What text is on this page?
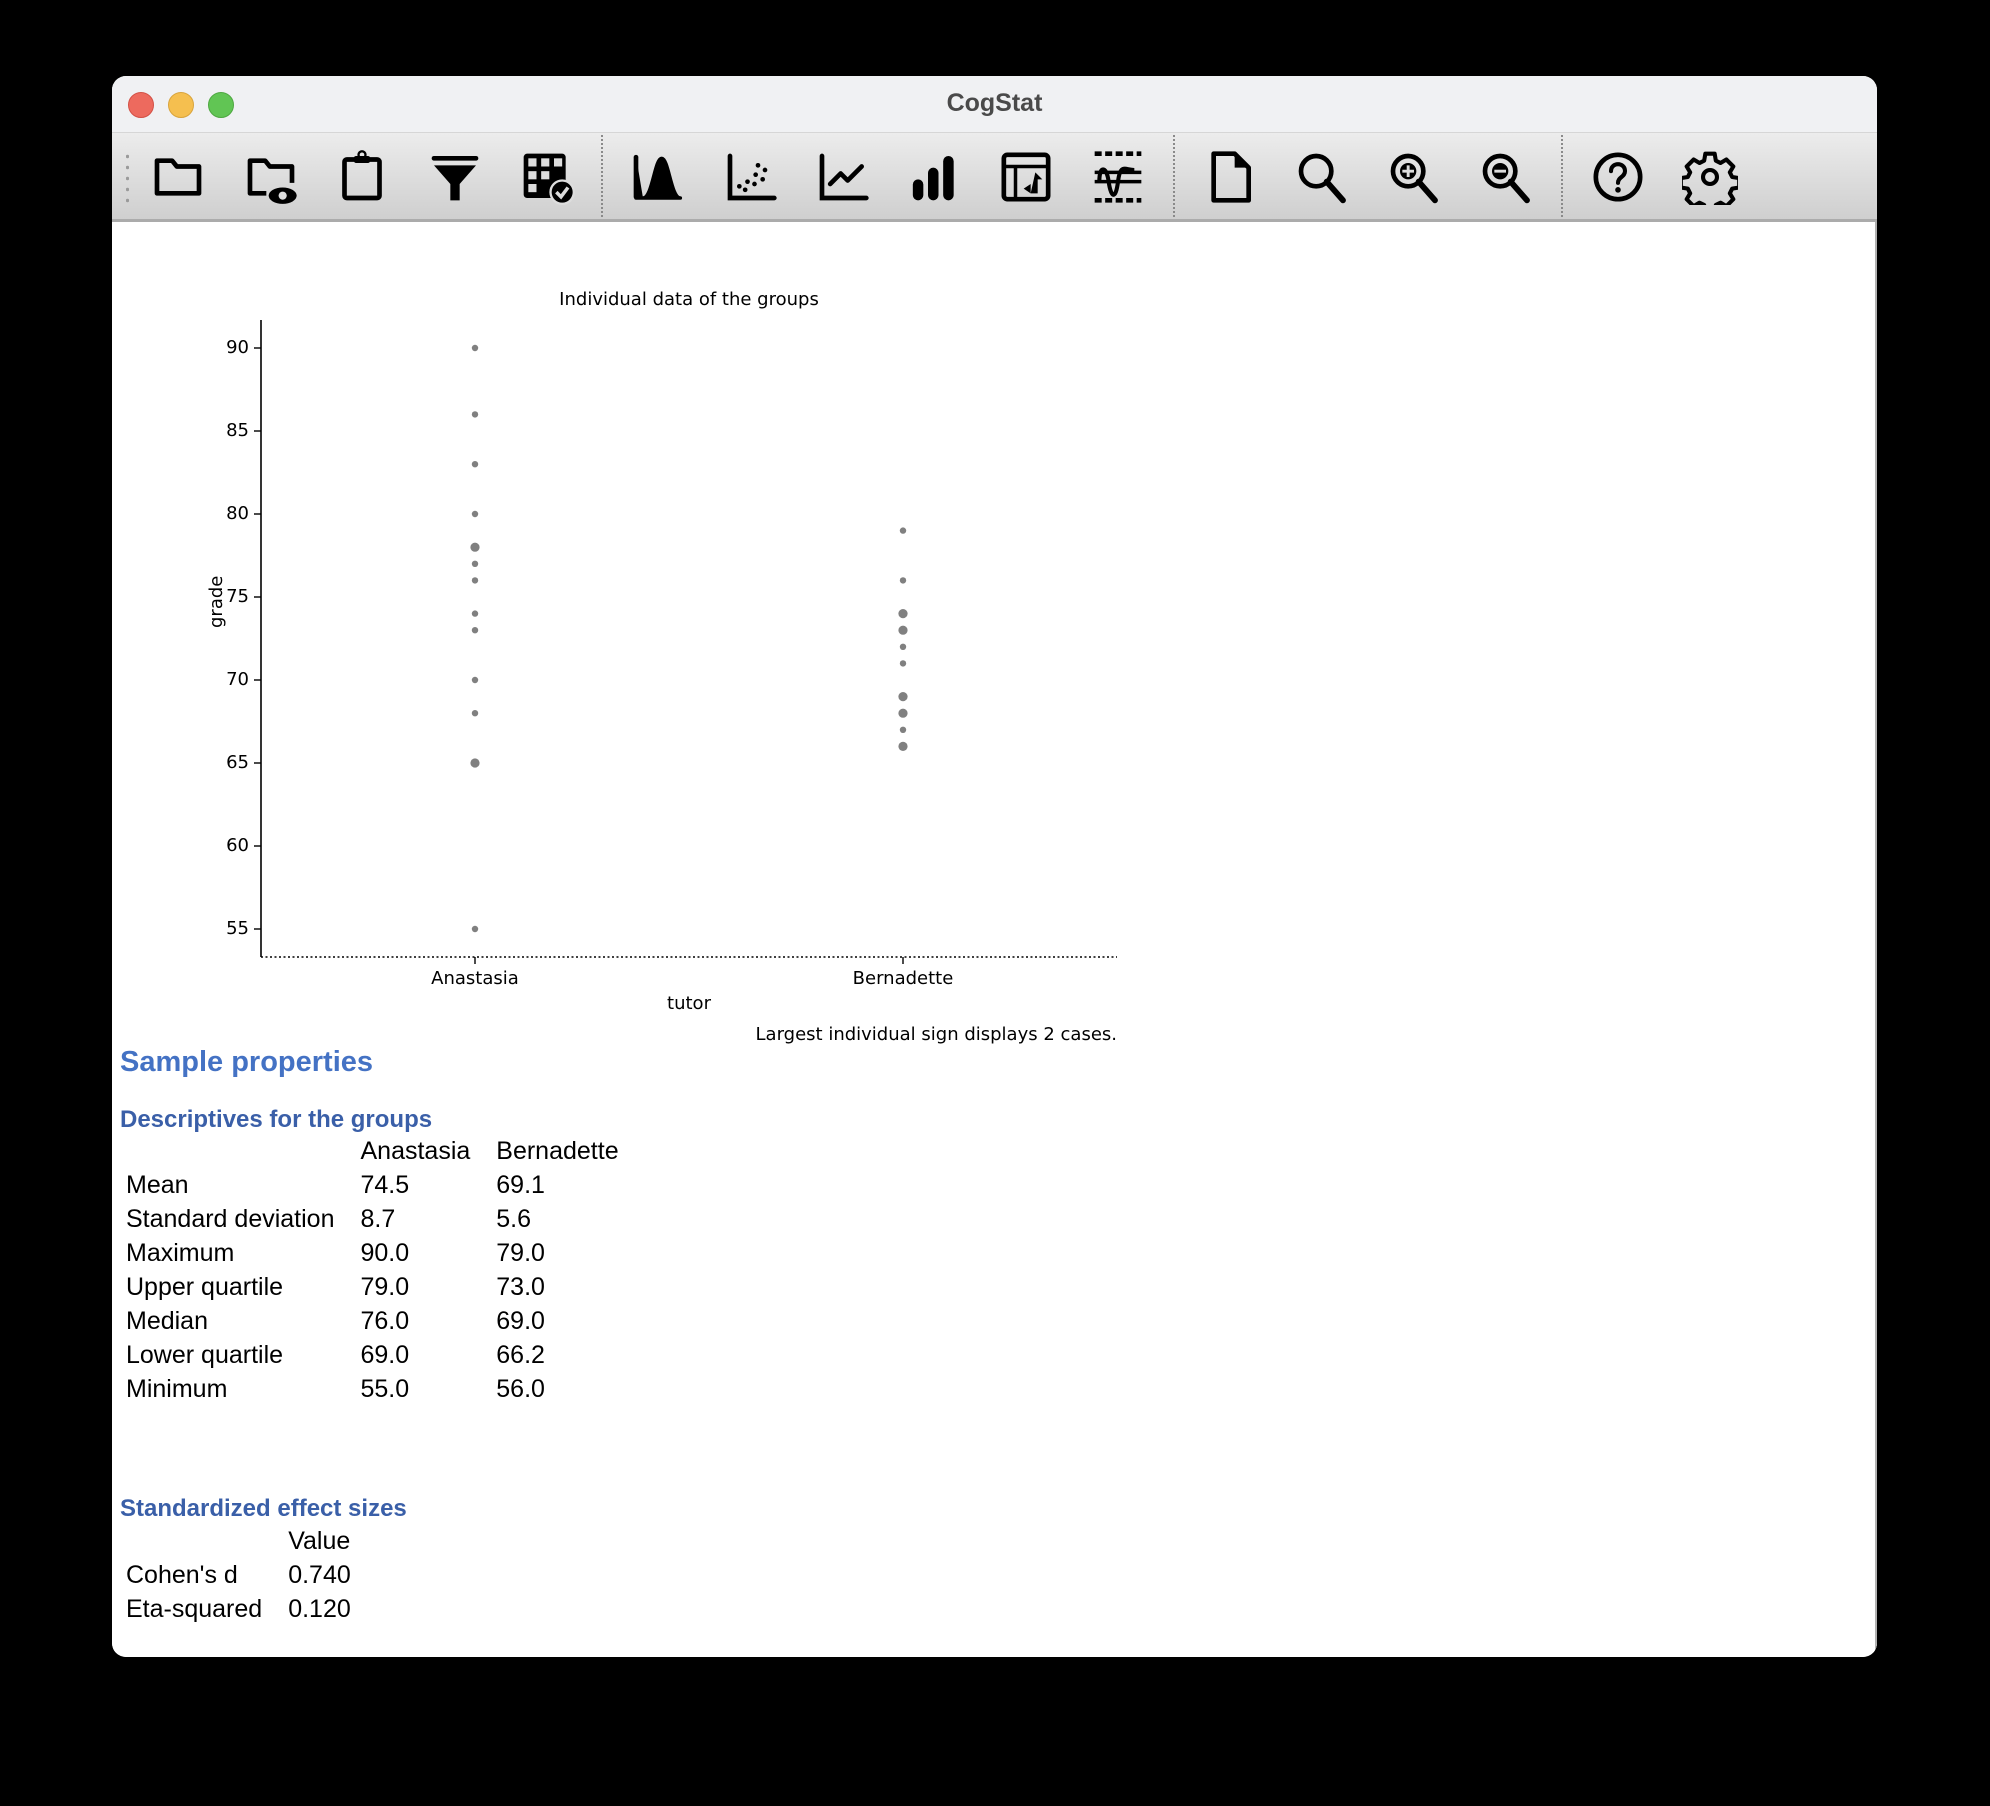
CogStat
Individual data of the groups
55
60
65
70
75
80
85
90
grade
Anastasia	Bernadette
tutor
Largest individual sign displays 2 cases.
Sample properties
Descriptives for the groups
	Anastasia	Bernadette
Mean	74.5	69.1
Standard deviation	8.7	5.6
Maximum	90.0	79.0
Upper quartile	79.0	73.0
Median	76.0	69.0
Lower quartile	69.0	66.2
Minimum	55.0	56.0
Standardized effect sizes
	Value
Cohen's d	0.740
Eta-squared	0.120
